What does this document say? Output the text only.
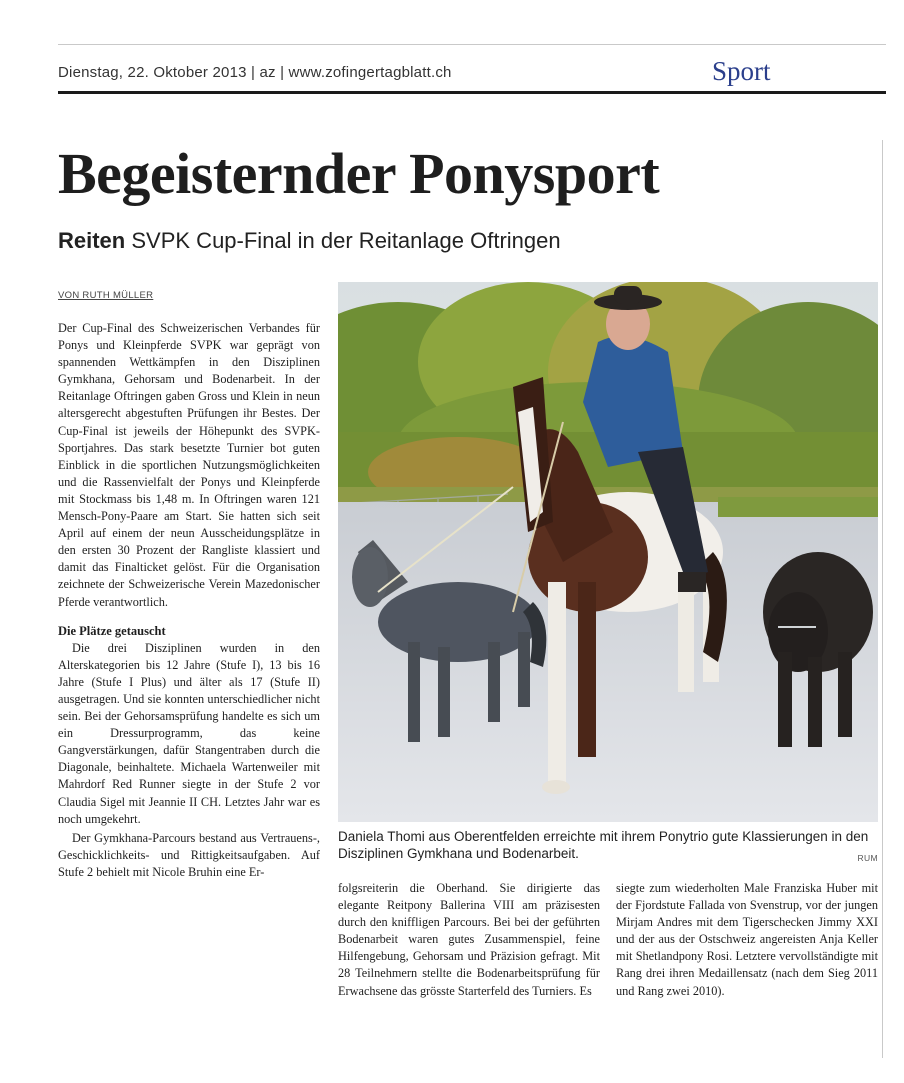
Dienstag, 22. Oktober 2013 | az | www.zofingertagblatt.ch	Sport
Begeisternder Ponysport
Reiten SVPK Cup-Final in der Reitanlage Oftringen
VON RUTH MÜLLER

Der Cup-Final des Schweizerischen Verbandes für Ponys und Kleinpferde SVPK war geprägt von spannenden Wettkämpfen in den Disziplinen Gymkhana, Gehorsam und Bodenarbeit. In der Reitanlage Oftringen gaben Gross und Klein in neun altersgerecht abgestuften Prüfungen ihr Bestes. Der Cup-Final ist jeweils der Höhepunkt des SVPK-Sportjahres. Das stark besetzte Turnier bot guten Einblick in die sportlichen Nutzungsmöglichkeiten und die Rassenvielfalt der Ponys und Kleinpferde mit Stockmass bis 1,48 m. In Oftringen waren 121 Mensch-Pony-Paare am Start. Sie hatten sich seit April auf einem der neun Ausscheidungsplätze in den ersten 30 Prozent der Rangliste klassiert und damit das Finalticket gelöst. Für die Organisation zeichnete der Schweizerische Verein Mazedonischer Pferde verantwortlich.

Die Plätze getauscht

Die drei Disziplinen wurden in den Alterskategorien bis 12 Jahre (Stufe I), 13 bis 16 Jahre (Stufe I Plus) und älter als 17 (Stufe II) ausgetragen. Und sie konnten unterschiedlicher nicht sein. Bei der Gehorsamsprüfung handelte es sich um ein Dressurprogramm, das keine Gangverstärkungen, dafür Stangentraben durch die Diagonale, beinhaltete. Michaela Wartenweiler mit Mahrdorf Red Runner siegte in der Stufe 2 vor Claudia Sigel mit Jeannie II CH. Letztes Jahr war es noch umgekehrt.

Der Gymkhana-Parcours bestand aus Vertrauens-, Geschicklichkeits- und Rittigkeitsaufgaben. Auf Stufe 2 behielt mit Nicole Bruhin eine Er-

Daniela Thomi aus Oberentfelden erreichte mit ihrem Ponytrio gute Klassierungen in den Disziplinen Gymkhana und Bodenarbeit.	RUM

folgsreiterin die Oberhand. Sie dirigierte das elegante Reitpony Ballerina VIII am präzisesten durch den kniffligen Parcours. Bei bei der geführten Bodenarbeit waren gutes Zusammenspiel, feine Hilfengebung, Gehorsam und Präzision gefragt. Mit 28 Teilnehmern stellte die Bodenarbeitsprüfung für Erwachsene das grösste Starterfeld des Turniers. Es

siegte zum wiederholten Male Franziska Huber mit der Fjordstute Fallada von Svenstrup, vor der jungen Mirjam Andres mit dem Tigerschecken Jimmy XXI und der aus der Ostschweiz angereisten Anja Keller mit Shetlandpony Rosi. Letztere vervollständigte mit Rang drei ihren Medaillensatz (nach dem Sieg 2011 und Rang zwei 2010).
